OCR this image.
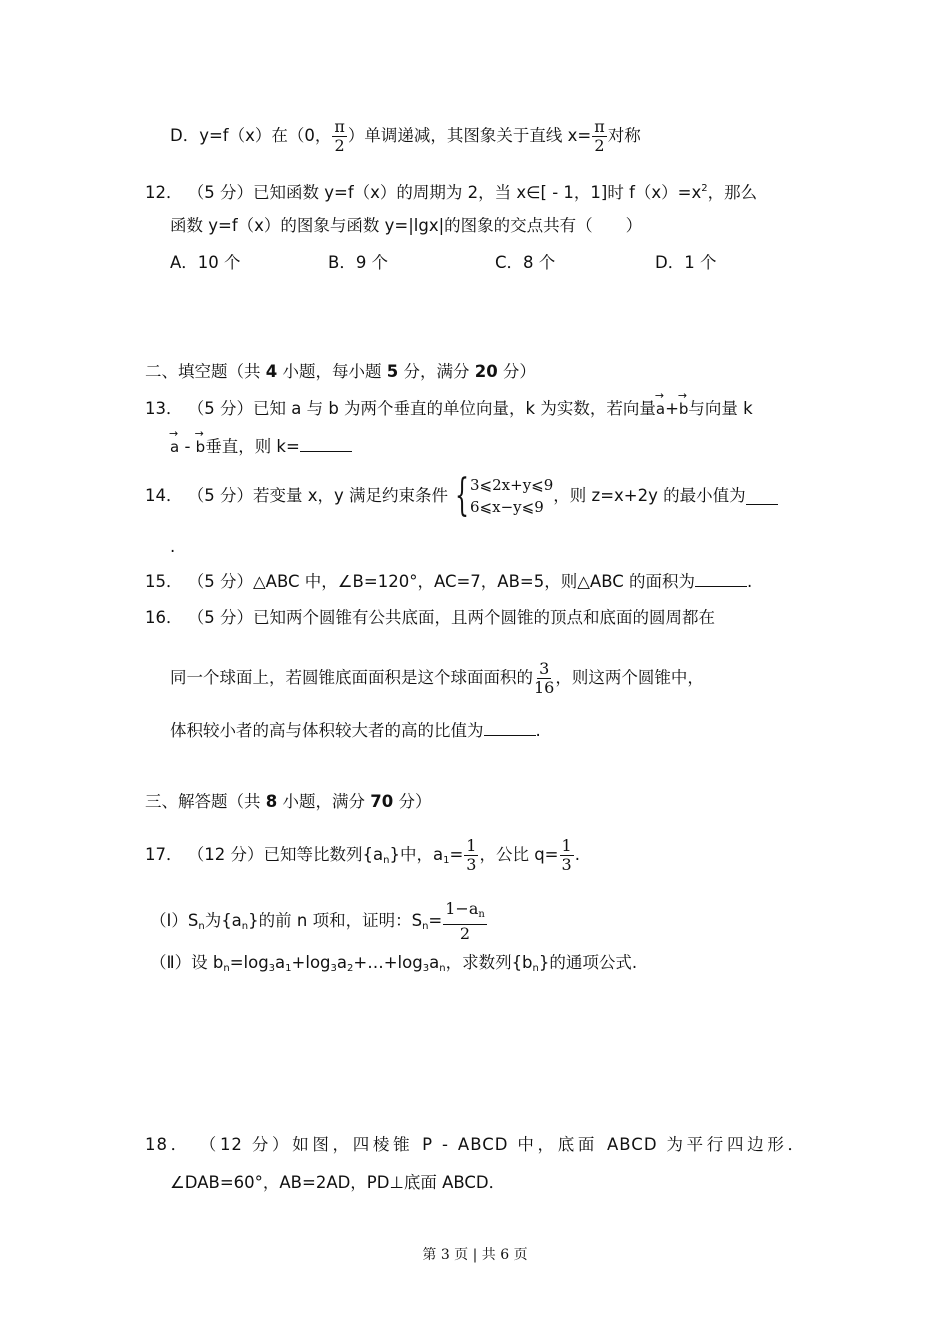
D．y=f（x）在（0， $\frac{\pi}{2}$ ）单调递减，其图象关于直线 $x= \frac{\pi}{2}$ 对称
12． （5 分）已知函数 y=f（x）的周期为 2，当 x∈[ - 1，1]时 $f(x)=x^2$，那么
函数 y=f（x）的图象与函数 y=|lgx|的图象的交点共有（　　）
A．10 个	B．9 个	C．8 个	D．1 个
二、填空题（共 4 小题，每小题 5 分，满分 20 分）
13． （5 分）已知 a 与 b 为两个垂直的单位向量，k 为实数，若向量→ a+→ b与向量 k
→ a - → b垂直，则 k=
14．
（5 分）若变量 x，y 满足约束条件 { 3⩽2x+y⩽9
6⩽x−y⩽9
，则 z=x+2y 的最小值为
.
15． （5 分）△ABC 中，∠B=120°，AC=7，AB=5，则△ABC 的面积为	.
16． （5 分）已知两个圆锥有公共底面，且两个圆锥的顶点和底面的圆周都在
同一个球面上，若圆锥底面面积是这个球面面积的 $\frac{3}{16}$ ，则这两个圆锥中，
体积较小者的高与体积较大者的高的比值为	.
三、解答题（共 8 小题，满分 70 分）
17． （12 分）已知等比数列$\{a_n\}$中，$a_1= \frac{1}{3}$ ，公比 $q= \frac{1}{3}$ .
$(Ⅰ)S_n$为$\{a_n\}$的前 n 项和，证明：$S_n= \frac{1-a_n}{2}$
（Ⅱ）设 $b_n=\log_3a_1+\log_3a_2+\dots+\log_3a_n$，求数列$\{b_n\}$的通项公式.
18． （12 分）如图，四棱锥 P - ABCD 中，底面 ABCD 为平行四边形．
∠DAB=60°，AB=2AD，PD⊥底面 ABCD．
第 3 页 | 共 6 页
